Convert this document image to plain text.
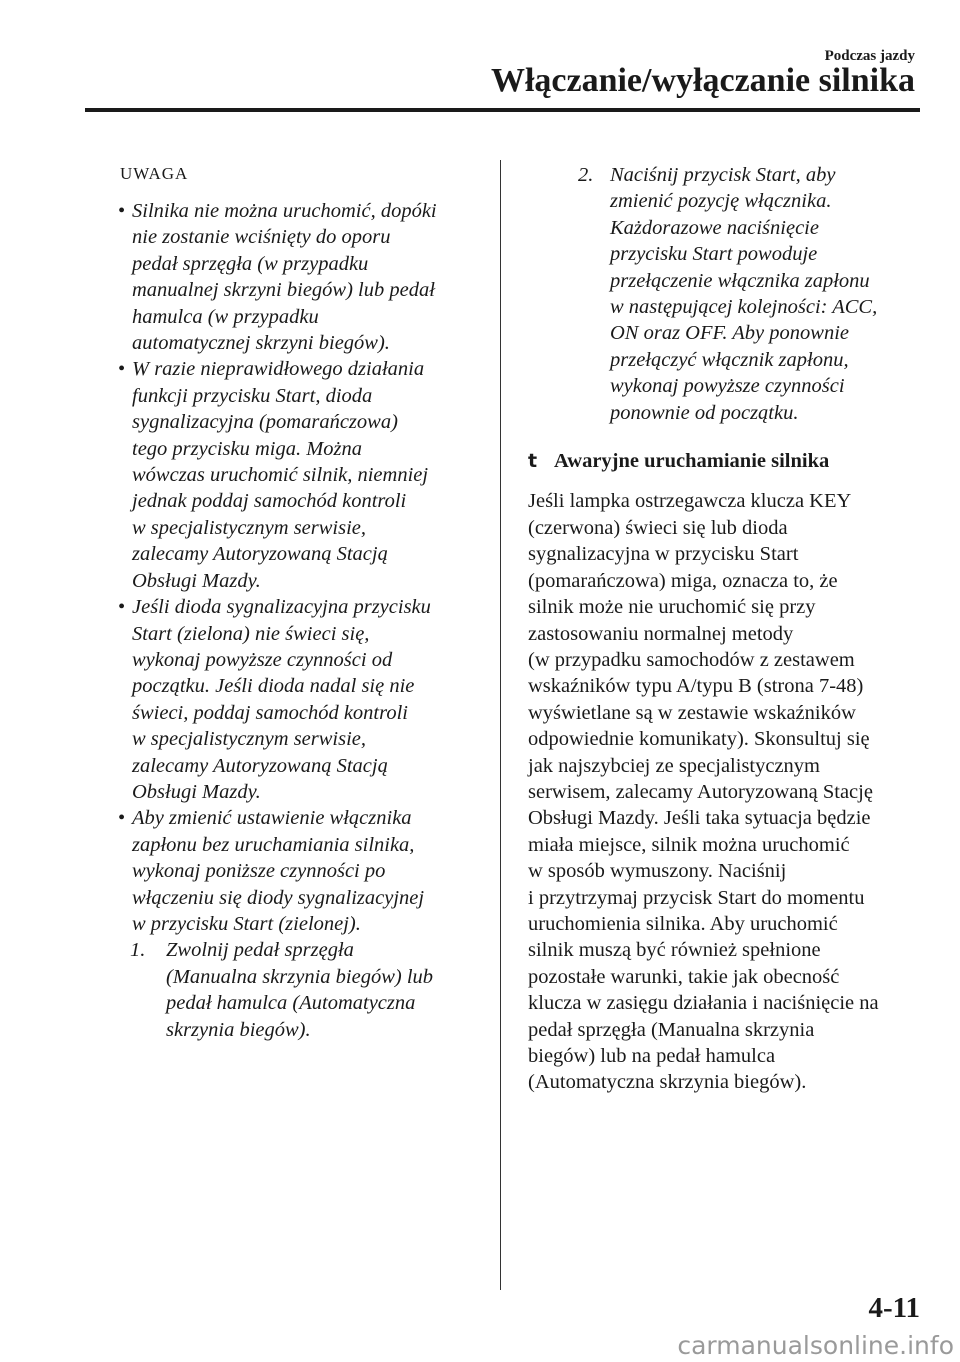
Podczas jazdy
Włączanie/wyłączanie silnika
UWAGA
• Silnika nie można uruchomić, dopóki
nie zostanie wciśnięty do oporu
pedał sprzęgła (w przypadku
manualnej skrzyni biegów) lub pedał
hamulca (w przypadku
automatycznej skrzyni biegów).
• W razie nieprawidłowego działania
funkcji przycisku Start, dioda
sygnalizacyjna (pomarańczowa)
tego przycisku miga. Można
wówczas uruchomić silnik, niemniej
jednak poddaj samochód kontroli
w specjalistycznym serwisie,
zalecamy Autoryzowaną Stacją
Obsługi Mazdy.
• Jeśli dioda sygnalizacyjna przycisku
Start (zielona) nie świeci się,
wykonaj powyższe czynności od
początku. Jeśli dioda nadal się nie
świeci, poddaj samochód kontroli
w specjalistycznym serwisie,
zalecamy Autoryzowaną Stacją
Obsługi Mazdy.
• Aby zmienić ustawienie włącznika
zapłonu bez uruchamiania silnika,
wykonaj poniższe czynności po
włączeniu się diody sygnalizacyjnej
w przycisku Start (zielonej).
1. Zwolnij pedał sprzęgła
(Manualna skrzynia biegów) lub
pedał hamulca (Automatyczna
skrzynia biegów).
2. Naciśnij przycisk Start, aby
zmienić pozycję włącznika.
Każdorazowe naciśnięcie
przycisku Start powoduje
przełączenie włącznika zapłonu
w następującej kolejności: ACC,
ON oraz OFF. Aby ponownie
przełączyć włącznik zapłonu,
wykonaj powyższe czynności
ponownie od początku.
t Awaryjne uruchamianie silnika
Jeśli lampka ostrzegawcza klucza KEY
(czerwona) świeci się lub dioda
sygnalizacyjna w przycisku Start
(pomarańczowa) miga, oznacza to, że
silnik może nie uruchomić się przy
zastosowaniu normalnej metody
(w przypadku samochodów z zestawem
wskaźników typu A/typu B (strona 7-48)
wyświetlane są w zestawie wskaźników
odpowiednie komunikaty). Skonsultuj się
jak najszybciej ze specjalistycznym
serwisem, zalecamy Autoryzowaną Stację
Obsługi Mazdy. Jeśli taka sytuacja będzie
miała miejsce, silnik można uruchomić
w sposób wymuszony. Naciśnij
i przytrzymaj przycisk Start do momentu
uruchomienia silnika. Aby uruchomić
silnik muszą być również spełnione
pozostałe warunki, takie jak obecność
klucza w zasięgu działania i naciśnięcie na
pedał sprzęgła (Manualna skrzynia
biegów) lub na pedał hamulca
(Automatyczna skrzynia biegów).
4-11
carmanualsonline.info
